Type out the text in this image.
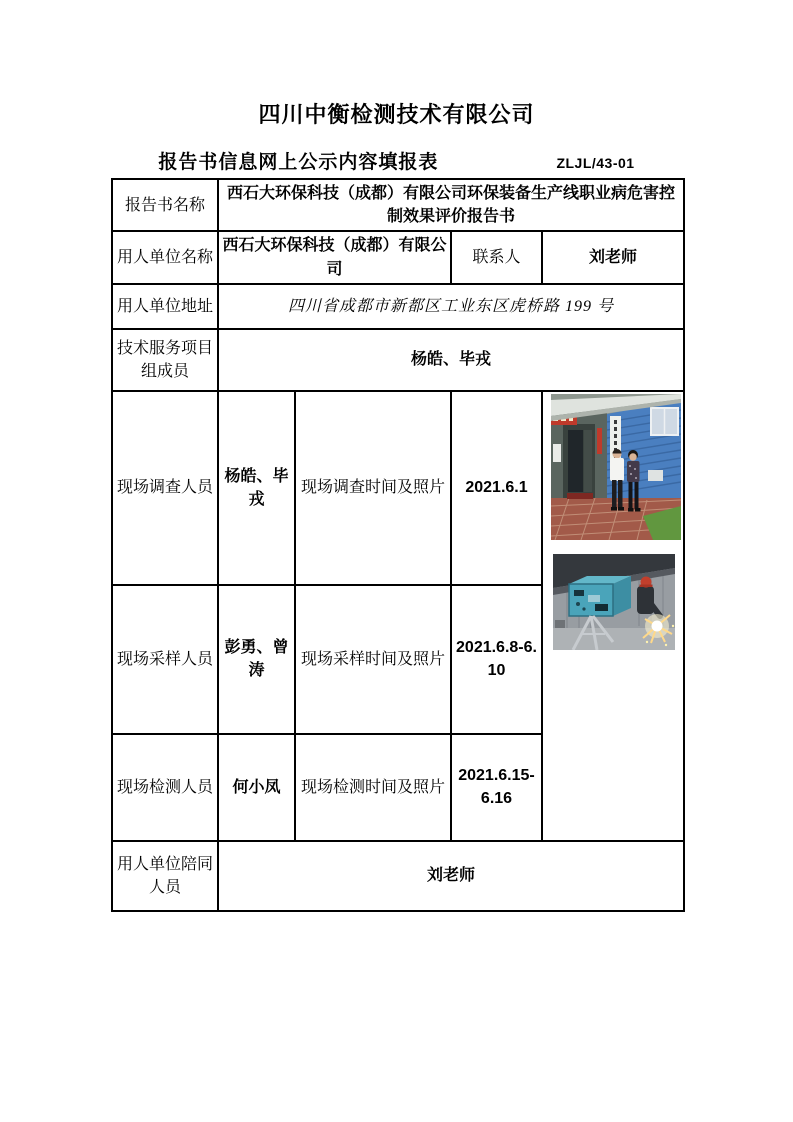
四川中衡检测技术有限公司
报告书信息网上公示内容填报表	ZLJL/43-01
报告书名称	西石大环保科技（成都）有限公司环保装备生产线职业病危害控制效果评价报告书			
用人单位名称	西石大环保科技（成都）有限公司		联系人	刘老师
用人单位地址	四川省成都市新都区工业东区虎桥路 199 号			
技术服务项目组成员	杨皓、毕戎			
现场调查人员	杨皓、毕戎	现场调查时间及照片	2021.6.1	

现场采样人员	彭勇、曾涛	现场采样时间及照片	2021.6.8-6.10	
现场检测人员	何小凤	现场检测时间及照片	2021.6.15-6.16	
用人单位陪同人员	刘老师			
